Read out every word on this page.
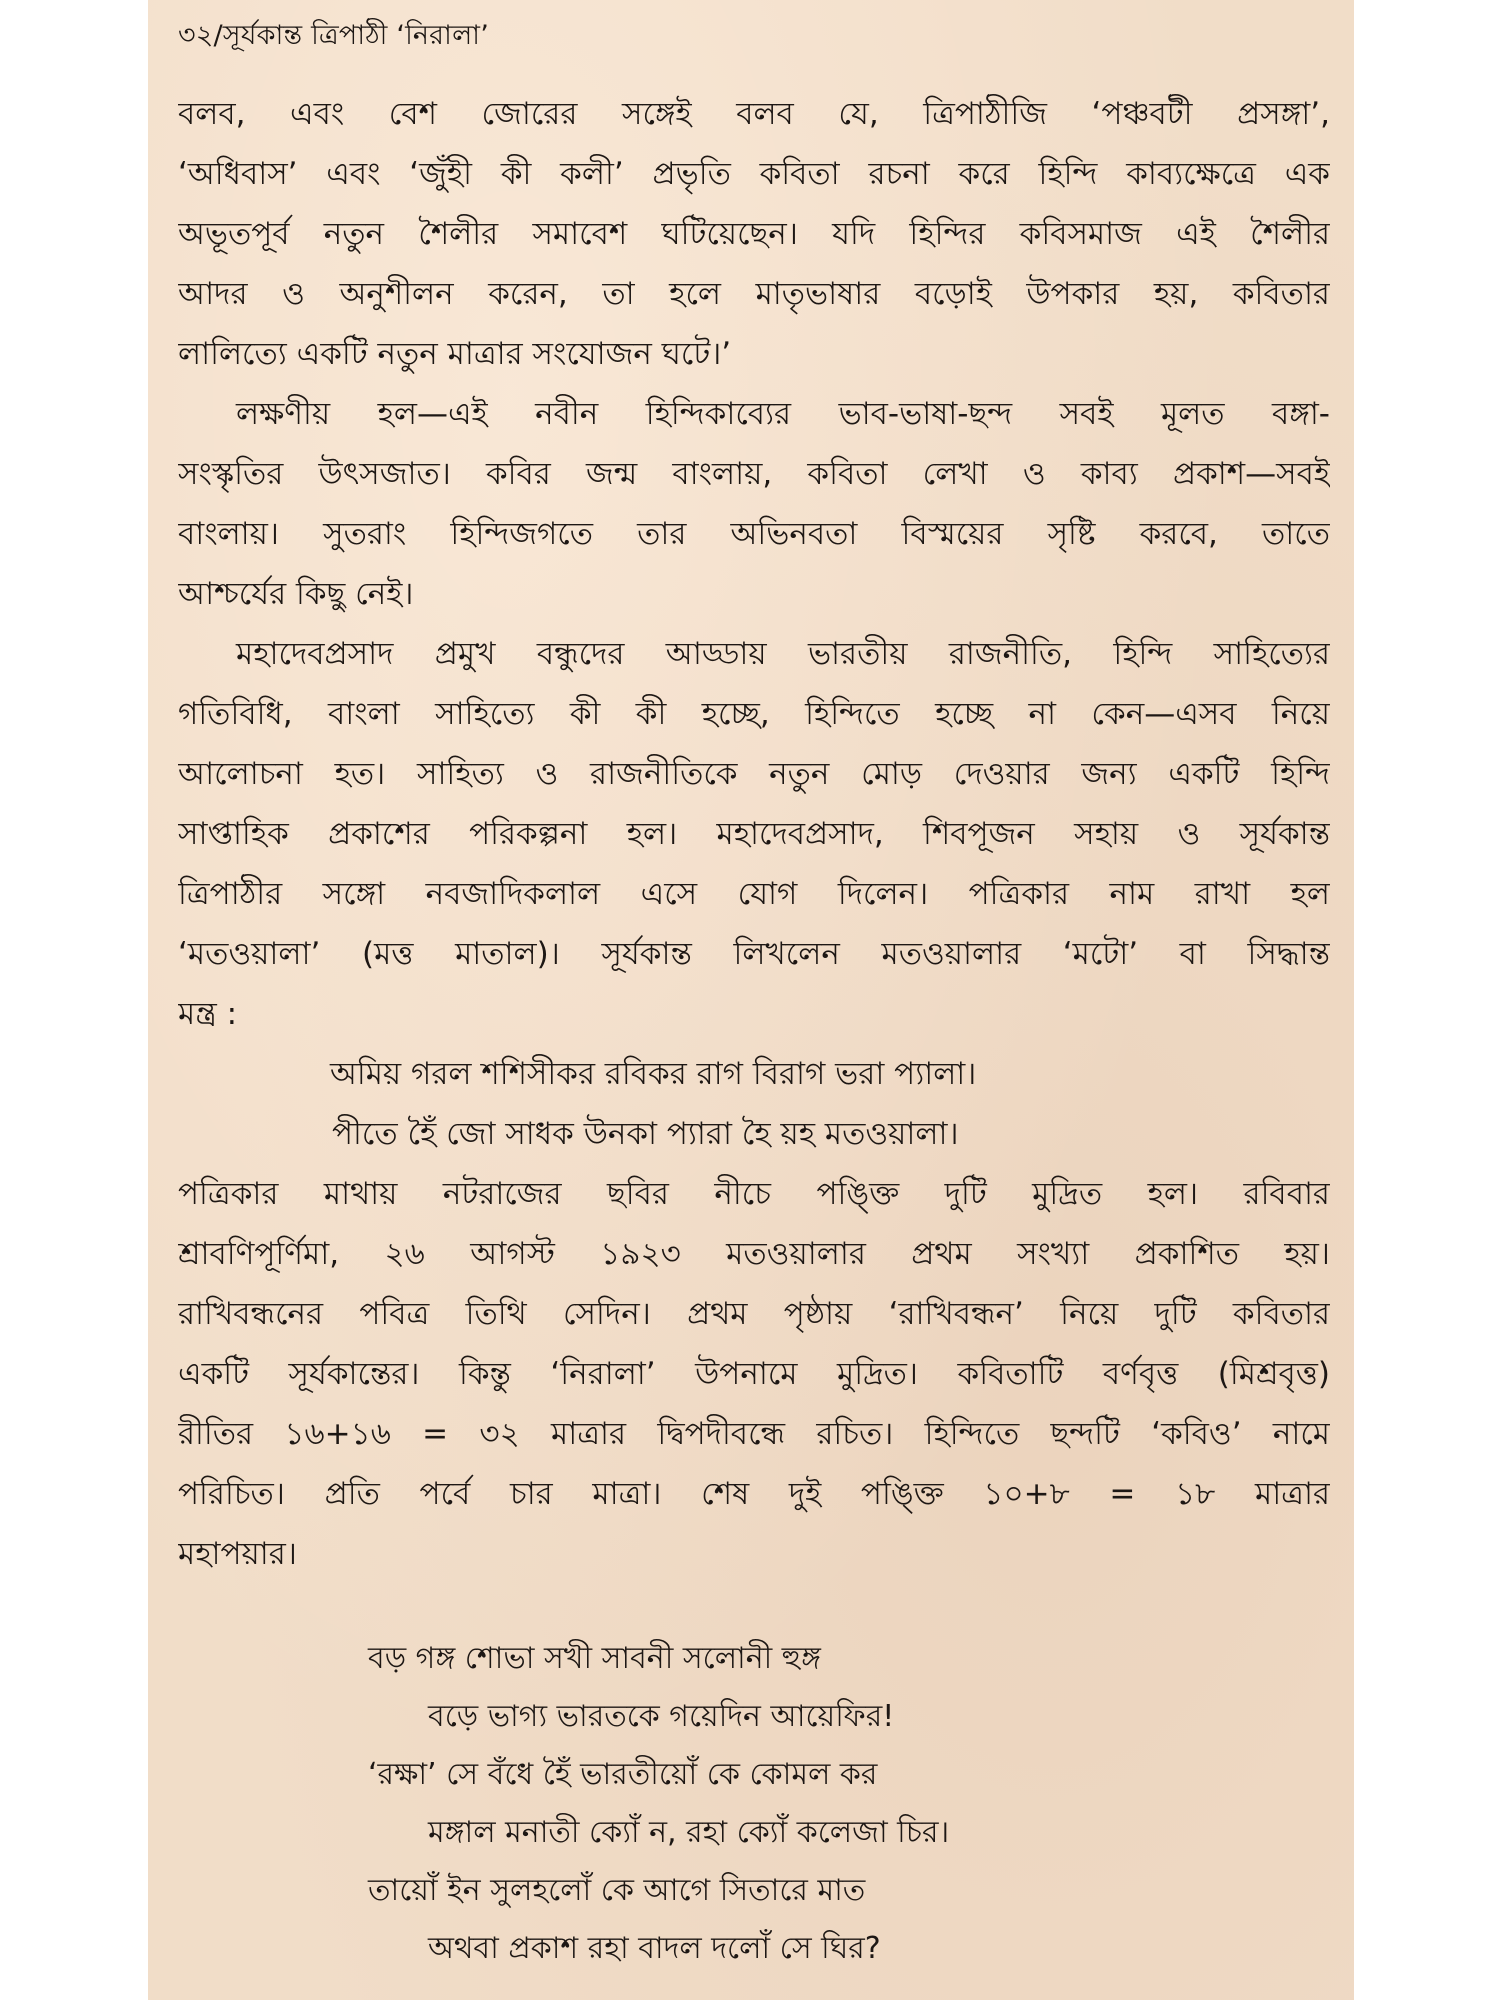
৩২/সূর্যকান্ত ত্রিপাঠী ‘নিরালা’
বলব, এবং বেশ জোরের সঙ্গেই বলব যে, ত্রিপাঠীজি ‘পঞ্চবটী প্রসঙ্গা’,
‘অধিবাস’ এবং ‘জুঁহী কী কলী’ প্রভৃতি কবিতা রচনা করে হিন্দি কাব্যক্ষেত্রে এক
অভূতপূর্ব নতুন শৈলীর সমাবেশ ঘটিয়েছেন। যদি হিন্দির কবিসমাজ এই শৈলীর
আদর ও অনুশীলন করেন, তা হলে মাতৃভাষার বড়োই উপকার হয়, কবিতার
লালিত্যে একটি নতুন মাত্রার সংযোজন ঘটে।’
লক্ষণীয় হল—এই নবীন হিন্দিকাব্যের ভাব-ভাষা-ছন্দ সবই মূলত বঙ্গা-
সংস্কৃতির উৎসজাত। কবির জন্ম বাংলায়, কবিতা লেখা ও কাব্য প্রকাশ—সবই
বাংলায়। সুতরাং হিন্দিজগতে তার অভিনবতা বিস্ময়ের সৃষ্টি করবে, তাতে
আশ্চর্যের কিছু নেই।
মহাদেবপ্রসাদ প্রমুখ বন্ধুদের আড্ডায় ভারতীয় রাজনীতি, হিন্দি সাহিত্যের
গতিবিধি, বাংলা সাহিত্যে কী কী হচ্ছে, হিন্দিতে হচ্ছে না কেন—এসব নিয়ে
আলোচনা হত। সাহিত্য ও রাজনীতিকে নতুন মোড় দেওয়ার জন্য একটি হিন্দি
সাপ্তাহিক প্রকাশের পরিকল্পনা হল। মহাদেবপ্রসাদ, শিবপূজন সহায় ও সূর্যকান্ত
ত্রিপাঠীর সঙ্গো নবজাদিকলাল এসে যোগ দিলেন। পত্রিকার নাম রাখা হল
‘মতওয়ালা’ (মত্ত মাতাল)। সূর্যকান্ত লিখলেন মতওয়ালার ‘মটো’ বা সিদ্ধান্ত
মন্ত্র :
অমিয় গরল শশিসীকর রবিকর রাগ বিরাগ ভরা প্যালা।
পীতে হৈঁ জো সাধক উনকা প্যারা হৈ য়হ মতওয়ালা।
পত্রিকার মাথায় নটরাজের ছবির নীচে পঙ্ক্তি দুটি মুদ্রিত হল। রবিবার
শ্রাবণিপূর্ণিমা, ২৬ আগস্ট ১৯২৩ মতওয়ালার প্রথম সংখ্যা প্রকাশিত হয়।
রাখিবন্ধনের পবিত্র তিথি সেদিন। প্রথম পৃষ্ঠায় ‘রাখিবন্ধন’ নিয়ে দুটি কবিতার
একটি সূর্যকান্তের। কিন্তু ‘নিরালা’ উপনামে মুদ্রিত। কবিতাটি বর্ণবৃত্ত (মিশ্রবৃত্ত)
রীতির ১৬+১৬ = ৩২ মাত্রার দ্বিপদীবন্ধে রচিত। হিন্দিতে ছন্দটি ‘কবিও’ নামে
পরিচিত। প্রতি পর্বে চার মাত্রা। শেষ দুই পঙ্ক্তি ১০+৮ = ১৮ মাত্রার
মহাপয়ার।
বড় গঙ্গ শোভা সখী সাবনী সলোনী হুঙ্গ
বড়ে ভাগ্য ভারতকে গয়েদিন আয়েফির!
‘রক্ষা’ সে বঁধে হৈঁ ভারতীয়োঁ কে কোমল কর
মঙ্গাল মনাতী ক্যোঁ ন, রহা ক্যোঁ কলেজা চির।
তায়োঁ ইন সুলহলোঁ কে আগে সিতারে মাত
অথবা প্রকাশ রহা বাদল দলোঁ সে ঘির?
